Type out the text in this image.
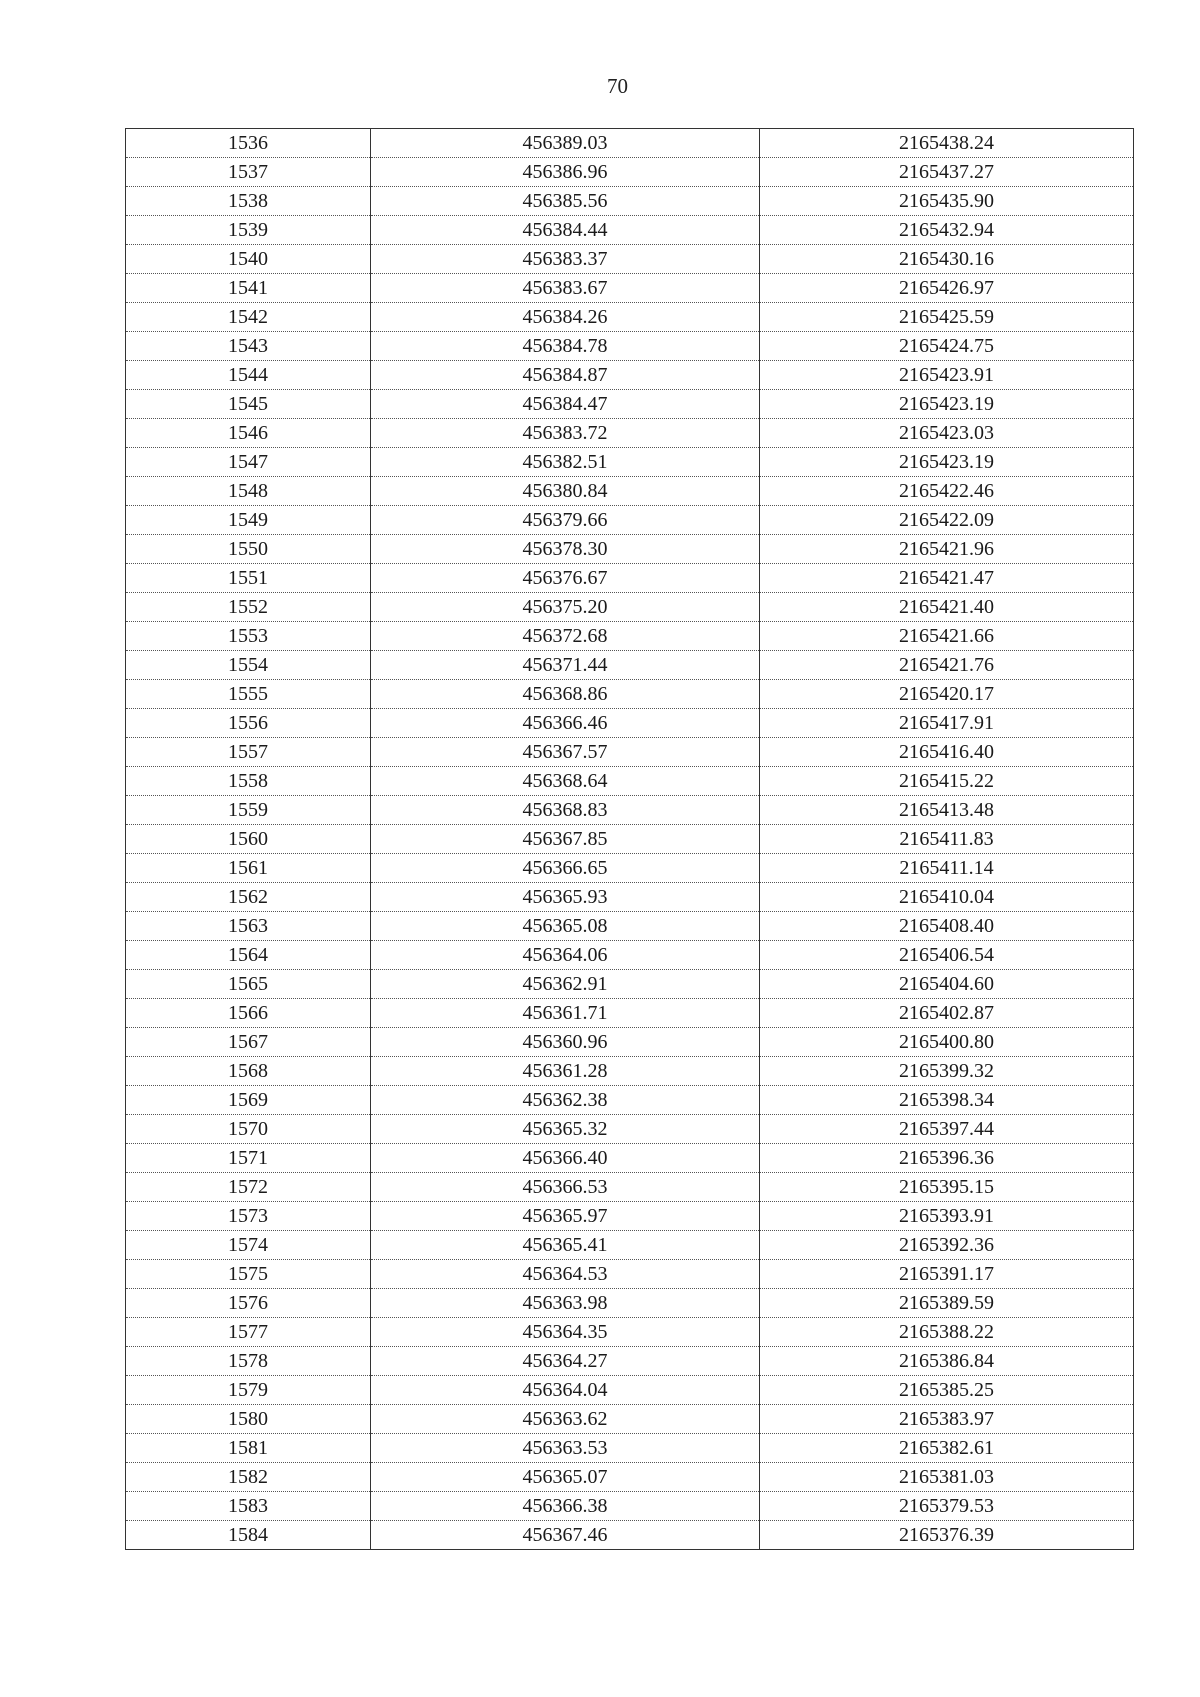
70
1536	456389.03	2165438.24
1537	456386.96	2165437.27
1538	456385.56	2165435.90
1539	456384.44	2165432.94
1540	456383.37	2165430.16
1541	456383.67	2165426.97
1542	456384.26	2165425.59
1543	456384.78	2165424.75
1544	456384.87	2165423.91
1545	456384.47	2165423.19
1546	456383.72	2165423.03
1547	456382.51	2165423.19
1548	456380.84	2165422.46
1549	456379.66	2165422.09
1550	456378.30	2165421.96
1551	456376.67	2165421.47
1552	456375.20	2165421.40
1553	456372.68	2165421.66
1554	456371.44	2165421.76
1555	456368.86	2165420.17
1556	456366.46	2165417.91
1557	456367.57	2165416.40
1558	456368.64	2165415.22
1559	456368.83	2165413.48
1560	456367.85	2165411.83
1561	456366.65	2165411.14
1562	456365.93	2165410.04
1563	456365.08	2165408.40
1564	456364.06	2165406.54
1565	456362.91	2165404.60
1566	456361.71	2165402.87
1567	456360.96	2165400.80
1568	456361.28	2165399.32
1569	456362.38	2165398.34
1570	456365.32	2165397.44
1571	456366.40	2165396.36
1572	456366.53	2165395.15
1573	456365.97	2165393.91
1574	456365.41	2165392.36
1575	456364.53	2165391.17
1576	456363.98	2165389.59
1577	456364.35	2165388.22
1578	456364.27	2165386.84
1579	456364.04	2165385.25
1580	456363.62	2165383.97
1581	456363.53	2165382.61
1582	456365.07	2165381.03
1583	456366.38	2165379.53
1584	456367.46	2165376.39
